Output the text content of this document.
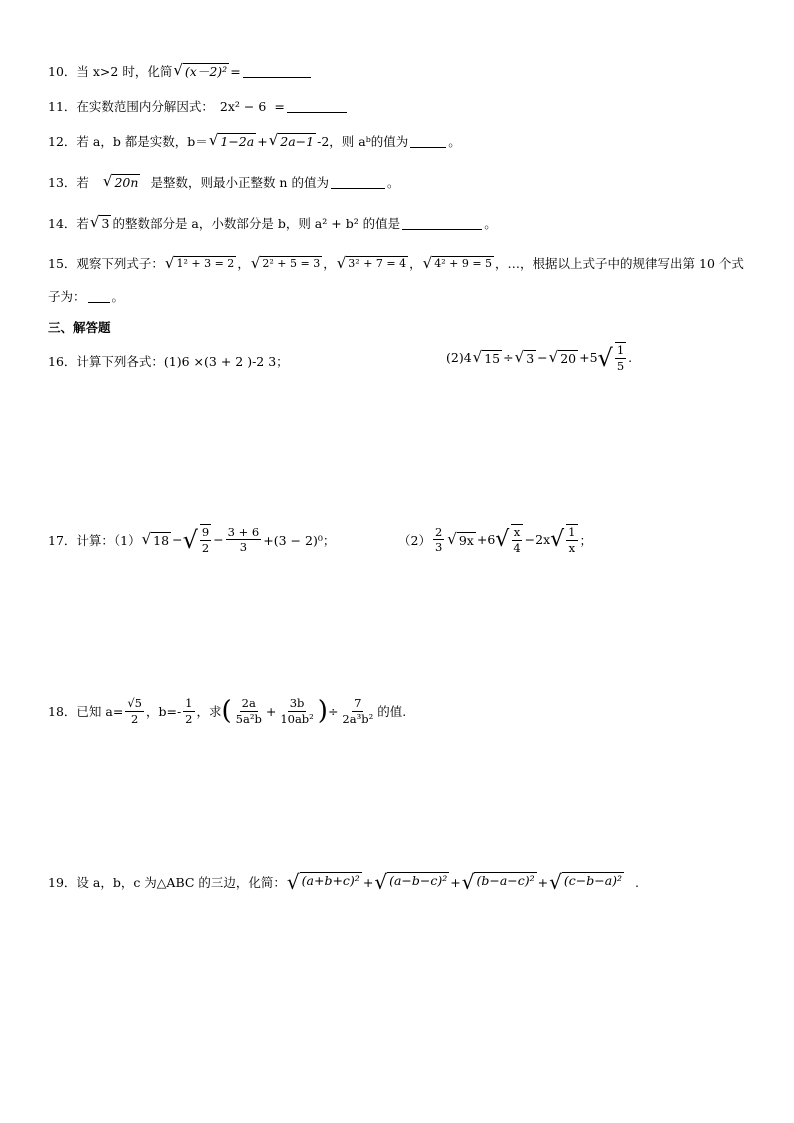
10． 当 x>2 时，化简 √ (x－2)² =
11． 在实数范围内分解因式： 2x² − 6 =
12． 若 a，b 都是实数，b＝ √ 1−2a + √ 2a−1 -2，则 aᵇ的值为	。
13． 若 √ 20n 是整数，则最小正整数 n 的值为	。
14． 若 √ 3 的整数部分是 a，小数部分是 b，则 a² + b² 的值是	。
15． 观察下列式子： √ 1² + 3 = 2 ， √ 2² + 5 = 3 ， √ 3² + 7 = 4 ， √ 4² + 9 = 5 ，…，根据以上式子中的规律写出第 10 个式
子为： 。
三、解答题
16． 计算下列各式：(1) 6 ×(3 + 2 )-2 3；	(2)4 √ 15 ÷ √ 3 − √ 20 +5 √ $\frac{1}{5}$ .
17． 计算：（1） √ 18 − √ $\frac{9}{2} - \frac{3 + 6}{3} +(3 - 2)^0$；	$(2) \frac{2}{3}$ √ 9x +6 √ $\frac{x}{4} -2x$ √ $\frac{1}{x}$ ；
18． 已知 $a= \frac{√5}{2}$ ，$b=- \frac{1}{2}$ ，求 ( $\frac{2a}{\text{5a²b}} + \frac{3b}{\text{10ab²}}$ ) ÷ $\frac{7}{\text{2a³b²}}$ 的值.
19． 设 a，b，c 为△ABC 的三边，化简： √ (a+b+c)² + √ (a−b−c)² + √ (b−a−c)² + √ (c−b−a)² .
